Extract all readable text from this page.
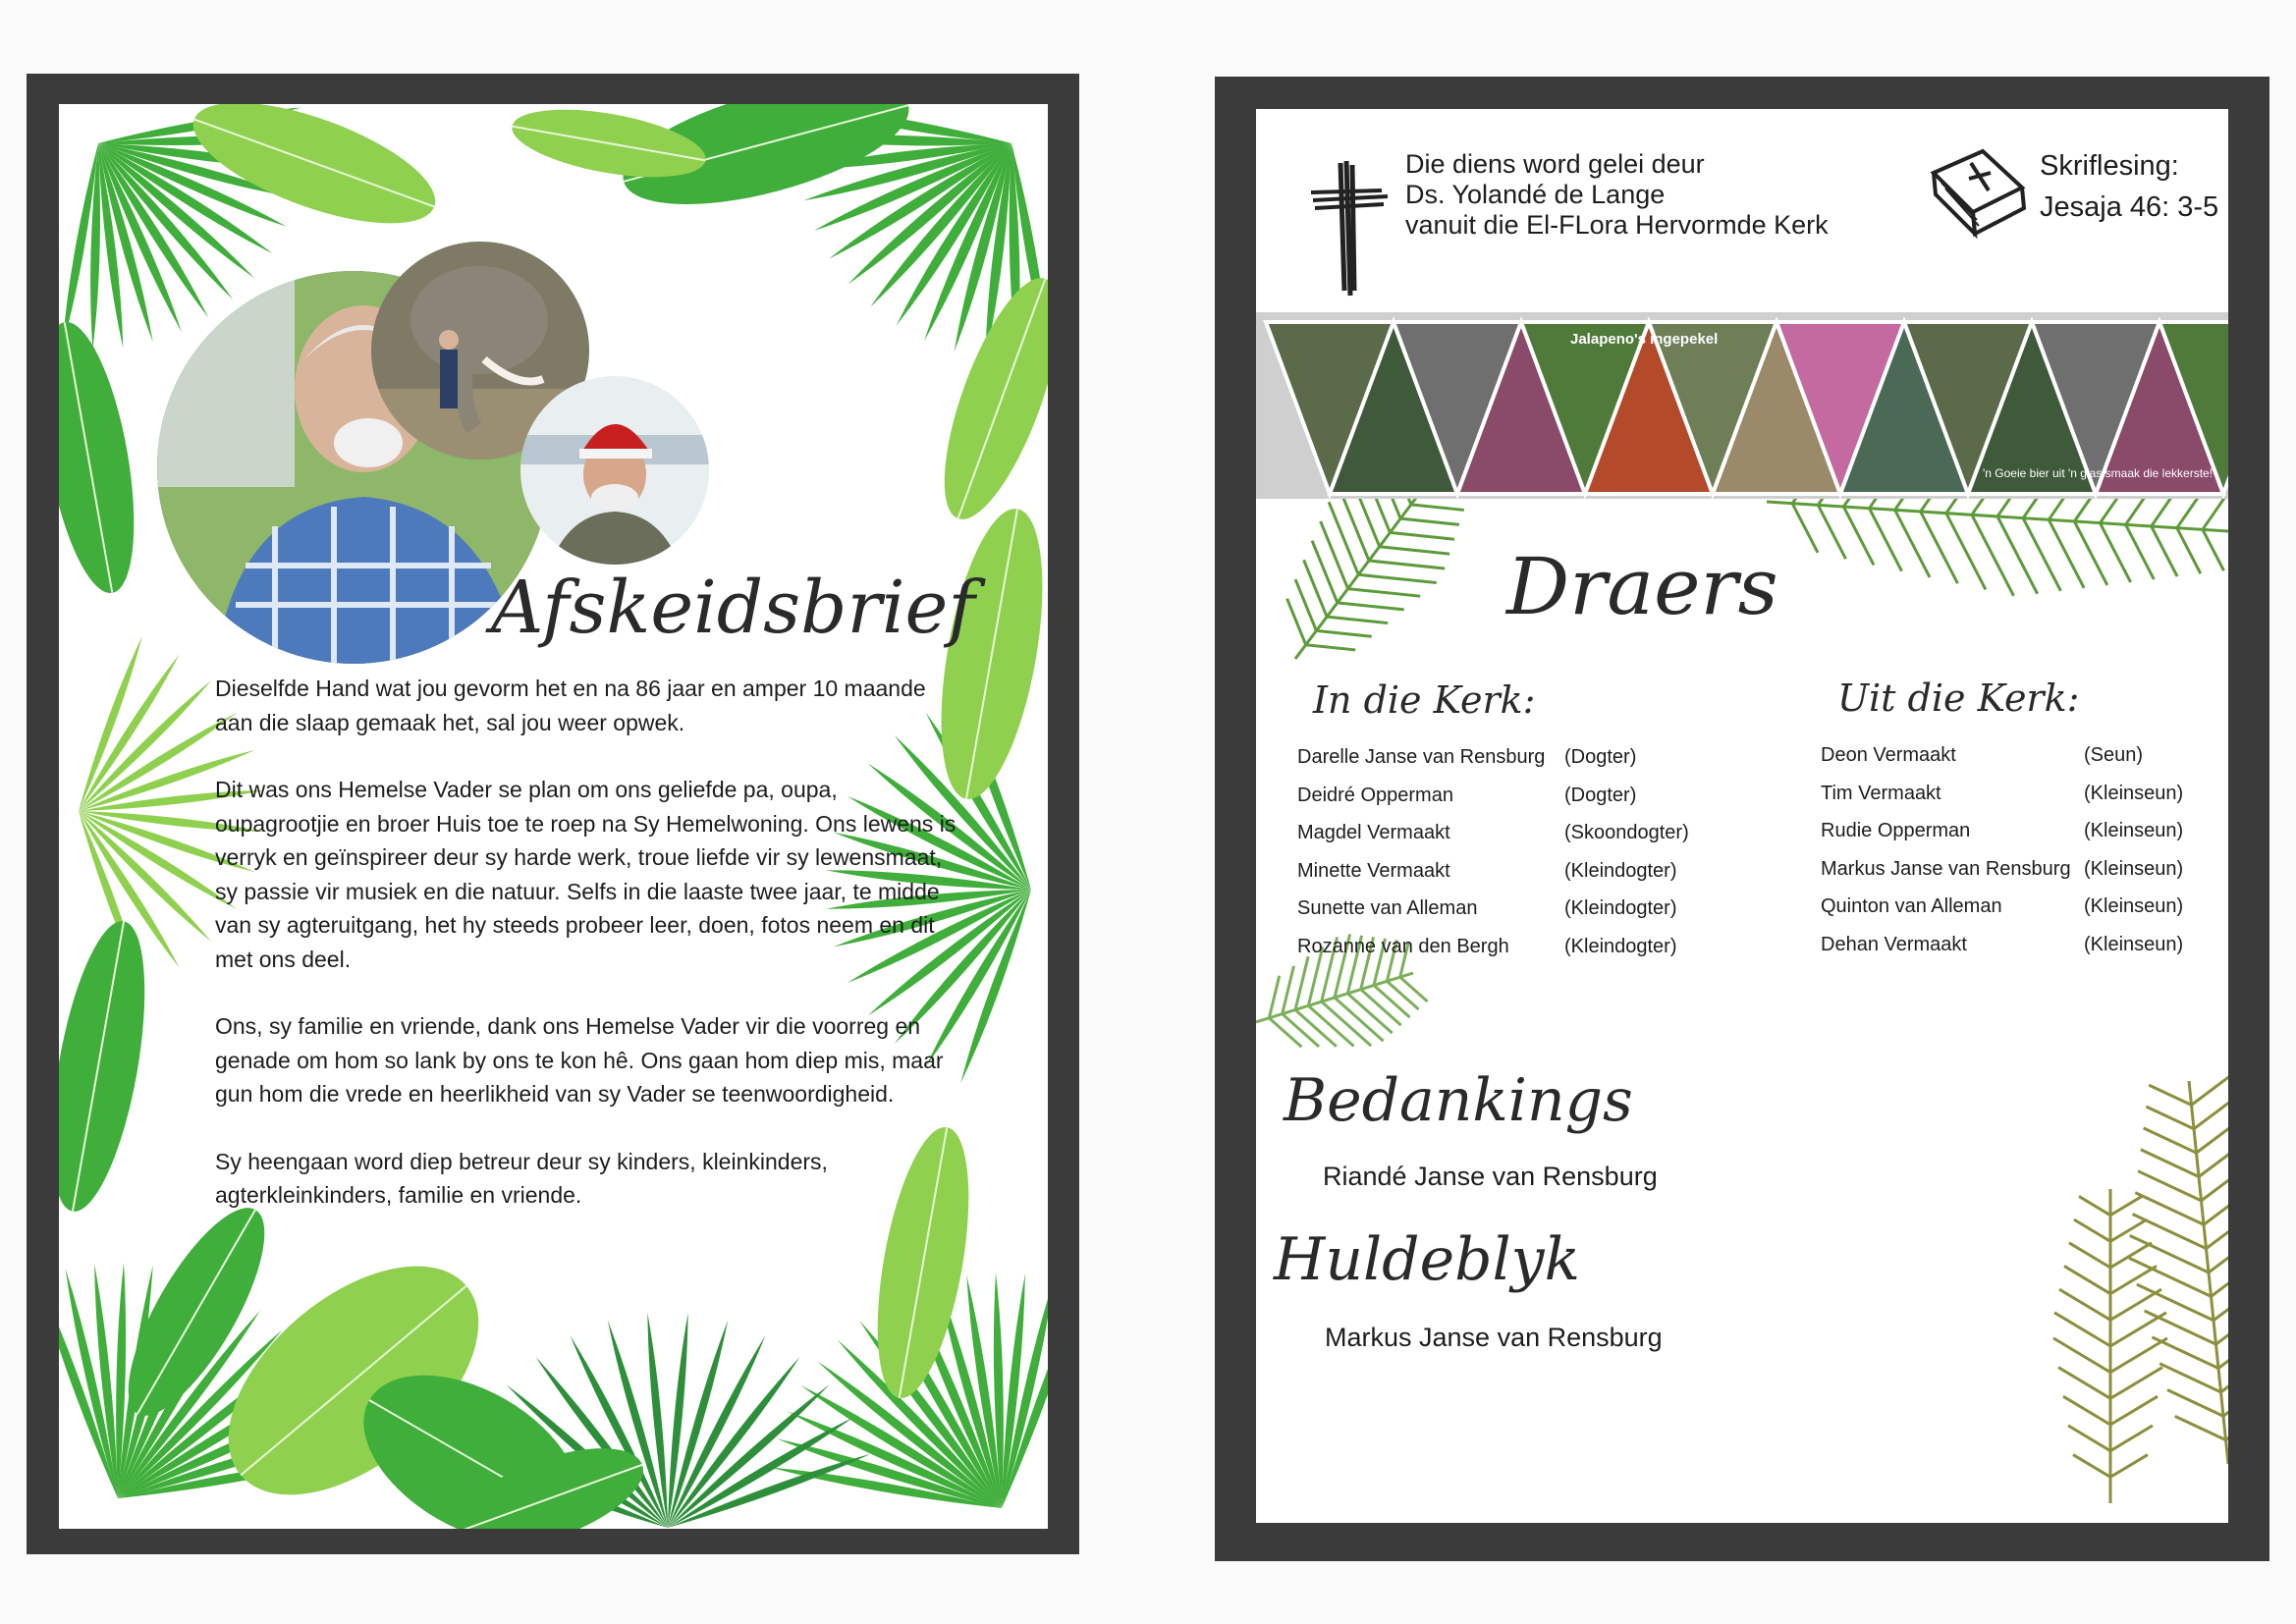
Afskeidsbrief

Dieselfde Hand wat jou gevorm het en na 86 jaar en amper 10 maande aan die slaap gemaak het, sal jou weer opwek.

Dit was ons Hemelse Vader se plan om ons geliefde pa, oupa, oupagrootjie en broer Huis toe te roep na Sy Hemelwoning. Ons lewens is verryk en geïnspireer deur sy harde werk, troue liefde vir sy lewensmaat, sy passie vir musiek en die natuur. Selfs in die laaste twee jaar, te midde van sy agteruitgang, het hy steeds probeer leer, doen, fotos neem en dit met ons deel.

Ons, sy familie en vriende, dank ons Hemelse Vader vir die voorreg en genade om hom so lank by ons te kon hê. Ons gaan hom diep mis, maar gun hom die vrede en heerlikheid van sy Vader se teenwoordigheid.

Sy heengaan word diep betreur deur sy kinders, kleinkinders, agterkleinkinders, familie en vriende.

Die diens word gelei deur
Ds. Yolandé de Lange
vanuit die El-FLora Hervormde Kerk
Skriflesing:
Jesaja 46: 3-5
Jalapeno's ingepekel
'n Goeie bier uit 'n glas smaak die lekkerste!
Draers
In die Kerk:	Uit die Kerk:
Darelle Janse van Rensburg (Dogter)
Deidré Opperman	(Dogter)
Magdel Vermaakt	(Skoondogter)
Minette Vermaakt	(Kleindogter)
Sunette van Alleman	(Kleindogter)
Rozanne van den Bergh	(Kleindogter)
Deon Vermaakt	(Seun)
Tim Vermaakt	(Kleinseun)
Rudie Opperman	(Kleinseun)
Markus Janse van Rensburg (Kleinseun)
Quinton van Alleman	(Kleinseun)
Dehan Vermaakt	(Kleinseun)
Bedankings
Riandé Janse van Rensburg
Huldeblyk
Markus Janse van Rensburg
